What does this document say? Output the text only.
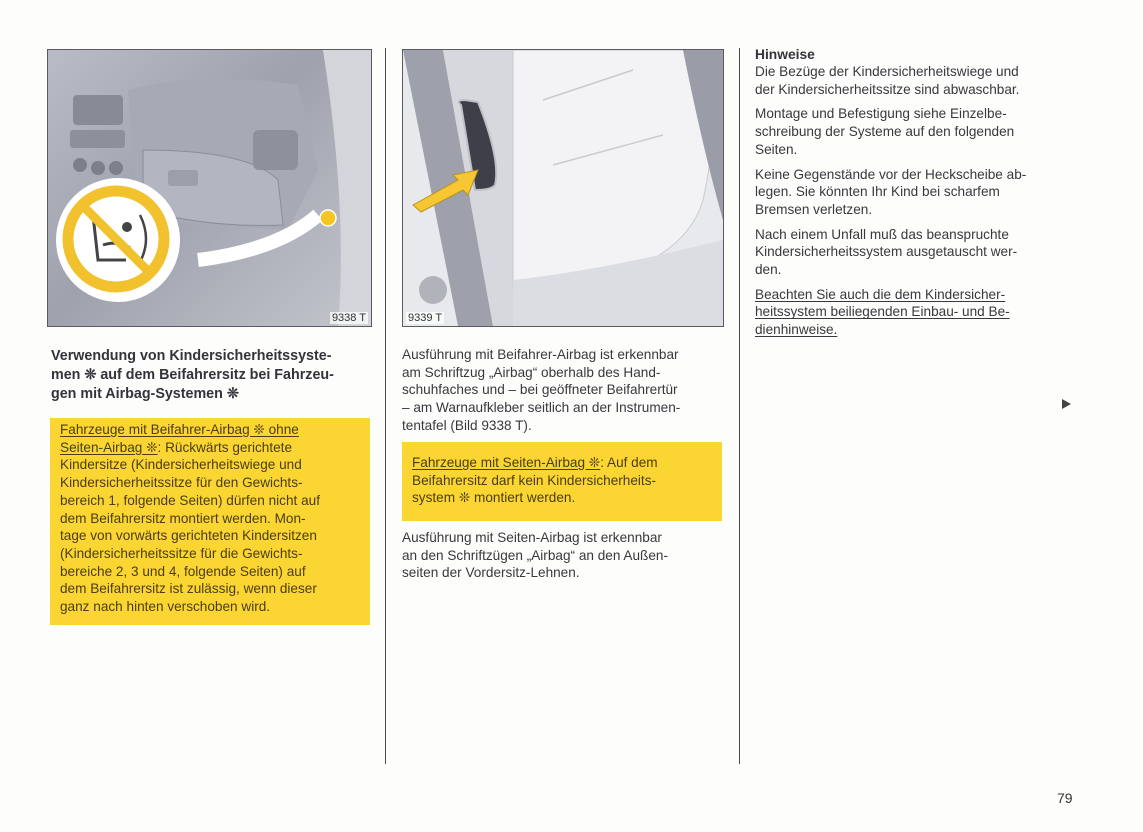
9338 T	9339 T
Verwendung von Kindersicherheitssyste-
men ❊ auf dem Beifahrersitz bei Fahrzeu-
gen mit Airbag-Systemen ❊
Fahrzeuge mit Beifahrer-Airbag ❊ ohne
Seiten-Airbag ❊: Rückwärts gerichtete
Kindersitze (Kindersicherheitswiege und
Kindersicherheitssitze für den Gewichts-
bereich 1, folgende Seiten) dürfen nicht auf
dem Beifahrersitz montiert werden. Mon-
tage von vorwärts gerichteten Kindersitzen
(Kindersicherheitssitze für die Gewichts-
bereiche 2, 3 und 4, folgende Seiten) auf
dem Beifahrersitz ist zulässig, wenn dieser
ganz nach hinten verschoben wird.
Ausführung mit Beifahrer-Airbag ist erkennbar
am Schriftzug „Airbag“ oberhalb des Hand-
schuhfaches und – bei geöffneter Beifahrertür
– am Warnaufkleber seitlich an der Instrumen-
tentafel (Bild 9338 T).
Fahrzeuge mit Seiten-Airbag ❊: Auf dem
Beifahrersitz darf kein Kindersicherheits-
system ❊ montiert werden.
Ausführung mit Seiten-Airbag ist erkennbar
an den Schriftzügen „Airbag“ an den Außen-
seiten der Vordersitz-Lehnen.
Hinweise

Die Bezüge der Kindersicherheitswiege und
der Kindersicherheitssitze sind abwaschbar.

Montage und Befestigung siehe Einzelbe-
schreibung der Systeme auf den folgenden
Seiten.

Keine Gegenstände vor der Heckscheibe ab-
legen. Sie könnten Ihr Kind bei scharfem
Bremsen verletzen.

Nach einem Unfall muß das beanspruchte
Kindersicherheitssystem ausgetauscht wer-
den.

Beachten Sie auch die dem Kindersicher-
heitssystem beiliegenden Einbau- und Be-
dienhinweise.

79
